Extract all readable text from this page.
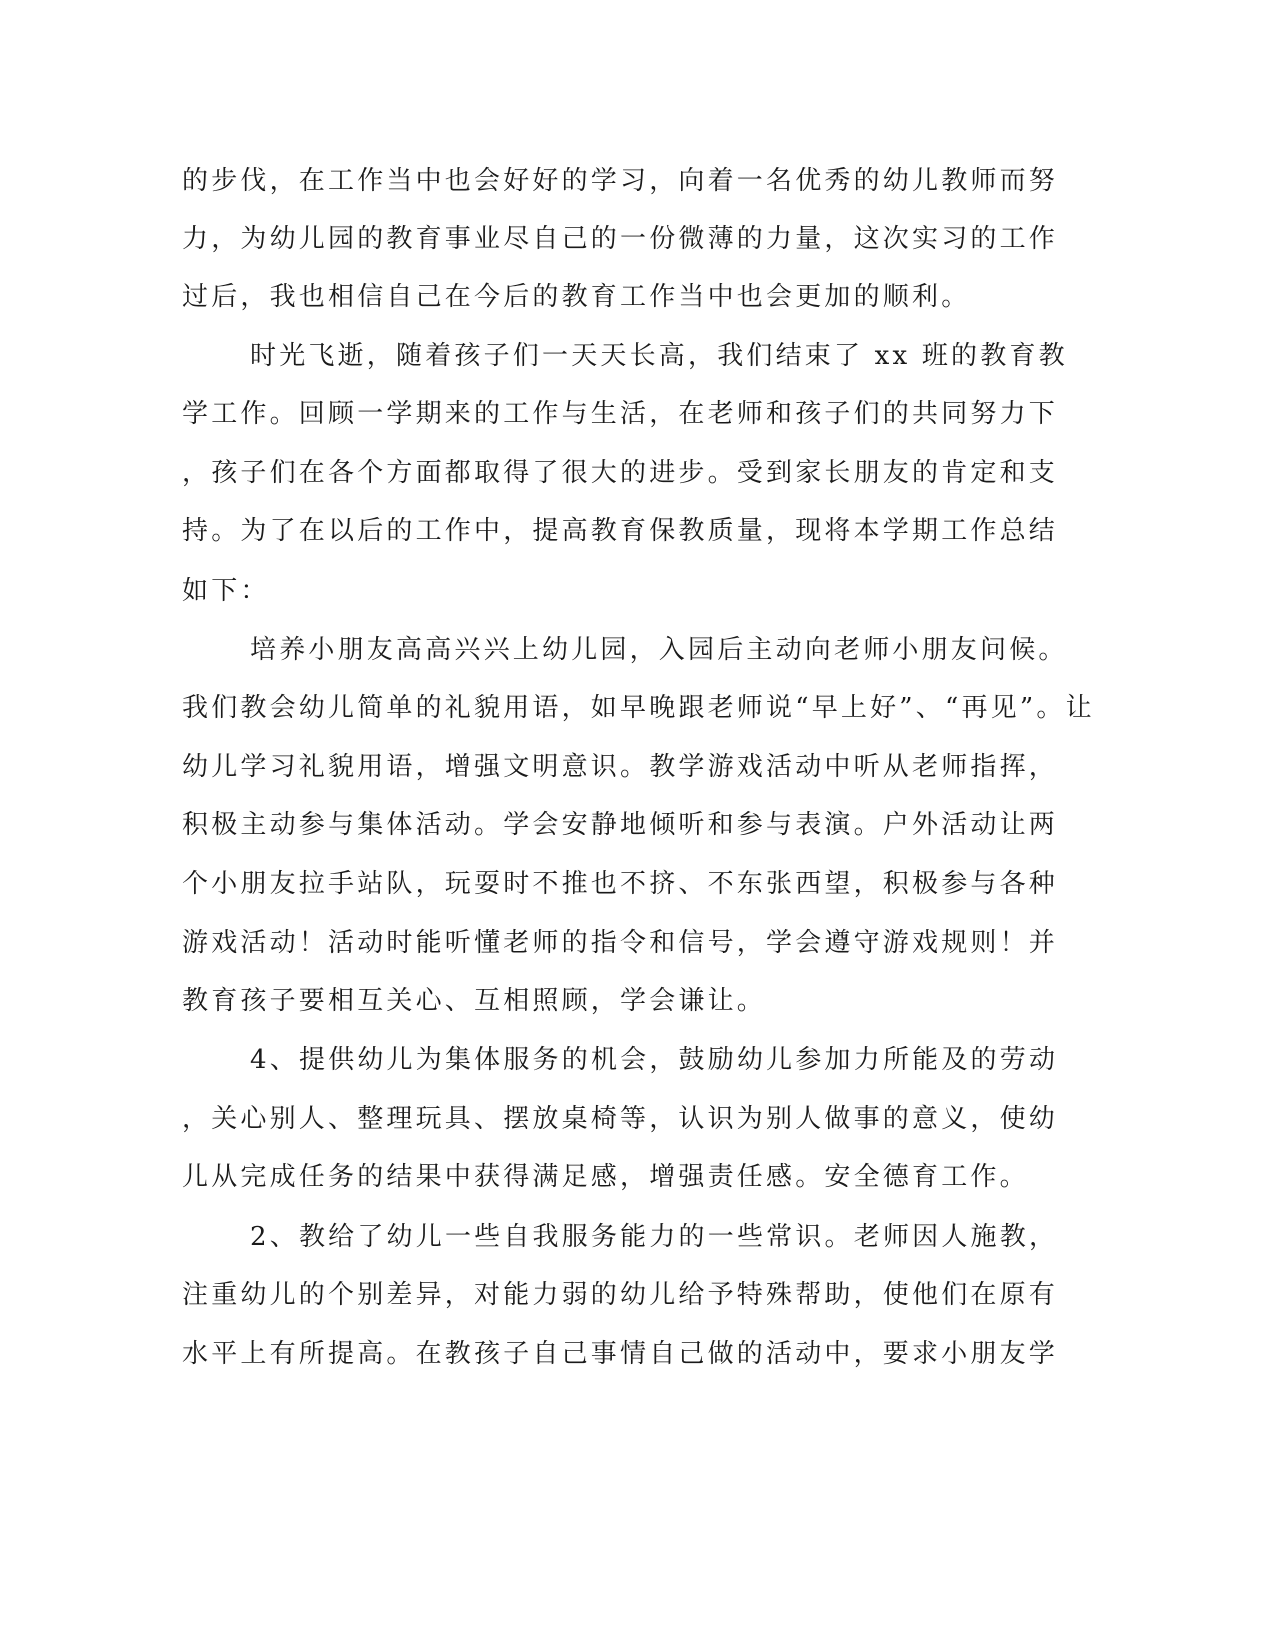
的步伐，在工作当中也会好好的学习，向着一名优秀的幼儿教师而努
力，为幼儿园的教育事业尽自己的一份微薄的力量，这次实习的工作
过后，我也相信自己在今后的教育工作当中也会更加的顺利。
时光飞逝，随着孩子们一天天长高，我们结束了 xx 班的教育教
学工作。回顾一学期来的工作与生活，在老师和孩子们的共同努力下
，孩子们在各个方面都取得了很大的进步。受到家长朋友的肯定和支
持。为了在以后的工作中，提高教育保教质量，现将本学期工作总结
如下：
培养小朋友高高兴兴上幼儿园，入园后主动向老师小朋友问候。
我们教会幼儿简单的礼貌用语，如早晚跟老师说“早上好”、“再见”。让
幼儿学习礼貌用语，增强文明意识。教学游戏活动中听从老师指挥，
积极主动参与集体活动。学会安静地倾听和参与表演。户外活动让两
个小朋友拉手站队，玩耍时不推也不挤、不东张西望，积极参与各种
游戏活动！活动时能听懂老师的指令和信号，学会遵守游戏规则！并
教育孩子要相互关心、互相照顾，学会谦让。
4、提供幼儿为集体服务的机会，鼓励幼儿参加力所能及的劳动
，关心别人、整理玩具、摆放桌椅等，认识为别人做事的意义，使幼
儿从完成任务的结果中获得满足感，增强责任感。安全德育工作。
2、教给了幼儿一些自我服务能力的一些常识。老师因人施教，
注重幼儿的个别差异，对能力弱的幼儿给予特殊帮助，使他们在原有
水平上有所提高。在教孩子自己事情自己做的活动中，要求小朋友学
